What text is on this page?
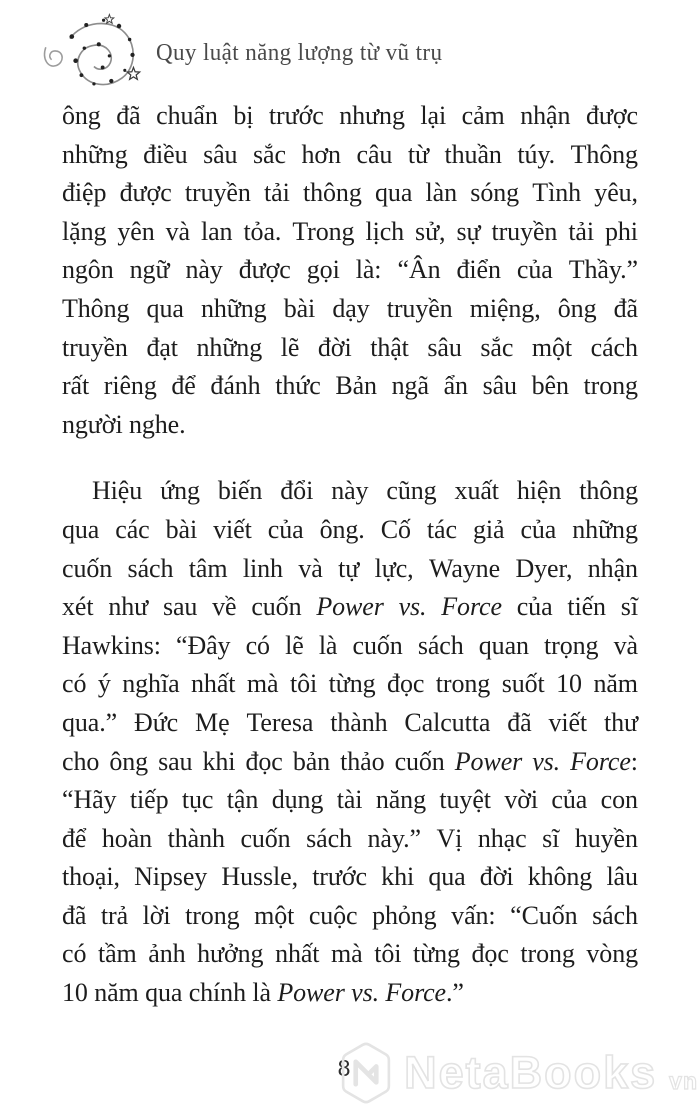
Quy luật năng lượng từ vũ trụ
ông đã chuẩn bị trước nhưng lại cảm nhận được
những điều sâu sắc hơn câu từ thuần túy. Thông
điệp được truyền tải thông qua làn sóng Tình yêu,
lặng yên và lan tỏa. Trong lịch sử, sự truyền tải phi
ngôn ngữ này được gọi là: “Ân điển của Thầy.”
Thông qua những bài dạy truyền miệng, ông đã
truyền đạt những lẽ đời thật sâu sắc một cách
rất riêng để đánh thức Bản ngã ẩn sâu bên trong
người nghe.
Hiệu ứng biến đổi này cũng xuất hiện thông
qua các bài viết của ông. Cố tác giả của những
cuốn sách tâm linh và tự lực, Wayne Dyer, nhận
xét như sau về cuốn Power vs. Force của tiến sĩ
Hawkins: “Đây có lẽ là cuốn sách quan trọng và
có ý nghĩa nhất mà tôi từng đọc trong suốt 10 năm
qua.” Đức Mẹ Teresa thành Calcutta đã viết thư
cho ông sau khi đọc bản thảo cuốn Power vs. Force:
“Hãy tiếp tục tận dụng tài năng tuyệt vời của con
để hoàn thành cuốn sách này.” Vị nhạc sĩ huyền
thoại, Nipsey Hussle, trước khi qua đời không lâu
đã trả lời trong một cuộc phỏng vấn: “Cuốn sách
có tầm ảnh hưởng nhất mà tôi từng đọc trong vòng
10 năm qua chính là Power vs. Force.”
8 NetaBooks vn
